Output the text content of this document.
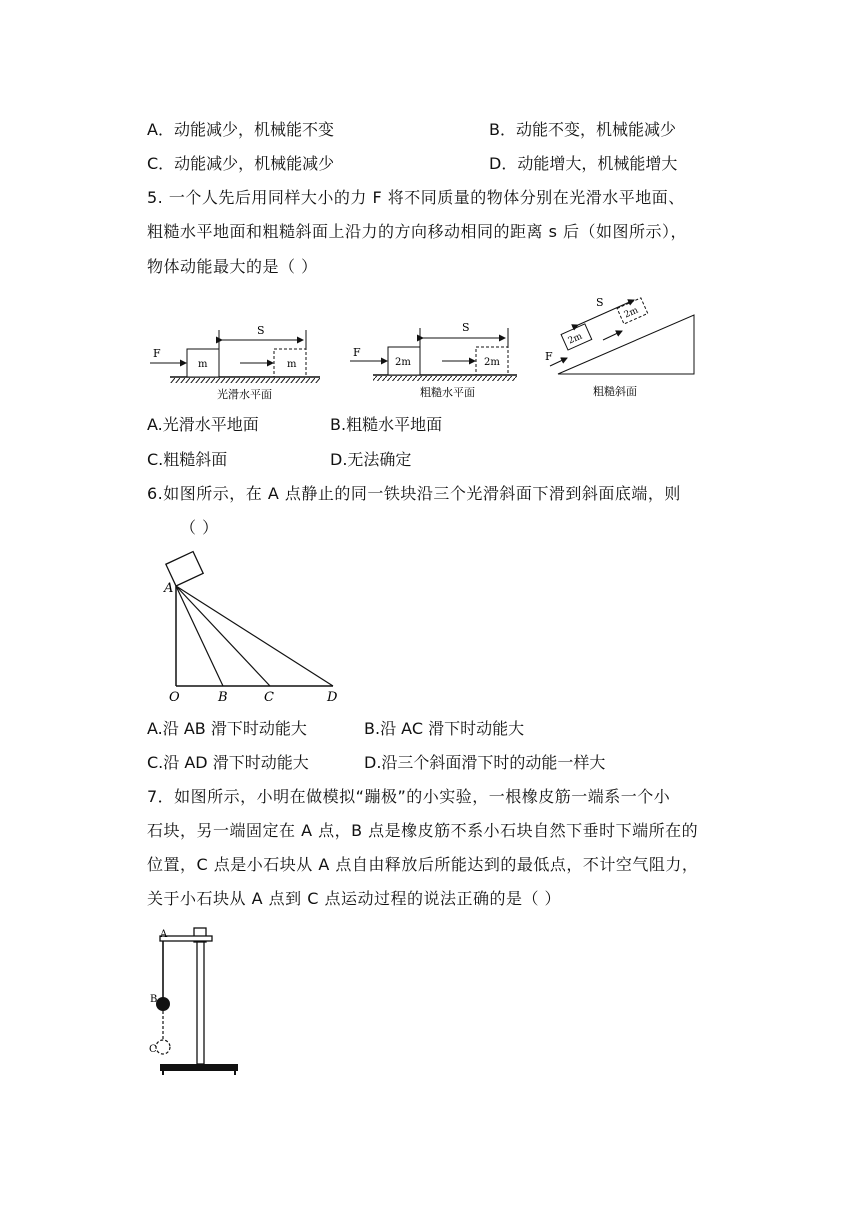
A．动能减少，机械能不变	B．动能不变，机械能减少
C．动能减少，机械能减少	D．动能增大，机械能增大
5. 一个人先后用同样大小的力 F 将不同质量的物体分别在光滑水平地面、
粗糙水平地面和粗糙斜面上沿力的方向移动相同的距离 s 后（如图所示），
物体动能最大的是（ ）
F
m	m
S
光滑水平面
F
2m	2m
S
粗糙水平面
F
2m
2m
S
粗糙斜面
A.光滑水平地面	B.粗糙水平地面
C.粗糙斜面	D.无法确定
6.如图所示，在 A 点静止的同一铁块沿三个光滑斜面下滑到斜面底端，则
（ ）
A
O	B	C	D
A.沿 AB 滑下时动能大	B.沿 AC 滑下时动能大
C.沿 AD 滑下时动能大	D.沿三个斜面滑下时的动能一样大
7．如图所示，小明在做模拟“蹦极”的小实验，一根橡皮筋一端系一个小
石块，另一端固定在 A 点，B 点是橡皮筋不系小石块自然下垂时下端所在的
位置，C 点是小石块从 A 点自由释放后所能达到的最低点，不计空气阻力，
关于小石块从 A 点到 C 点运动过程的说法正确的是（ ）
A
B
C
